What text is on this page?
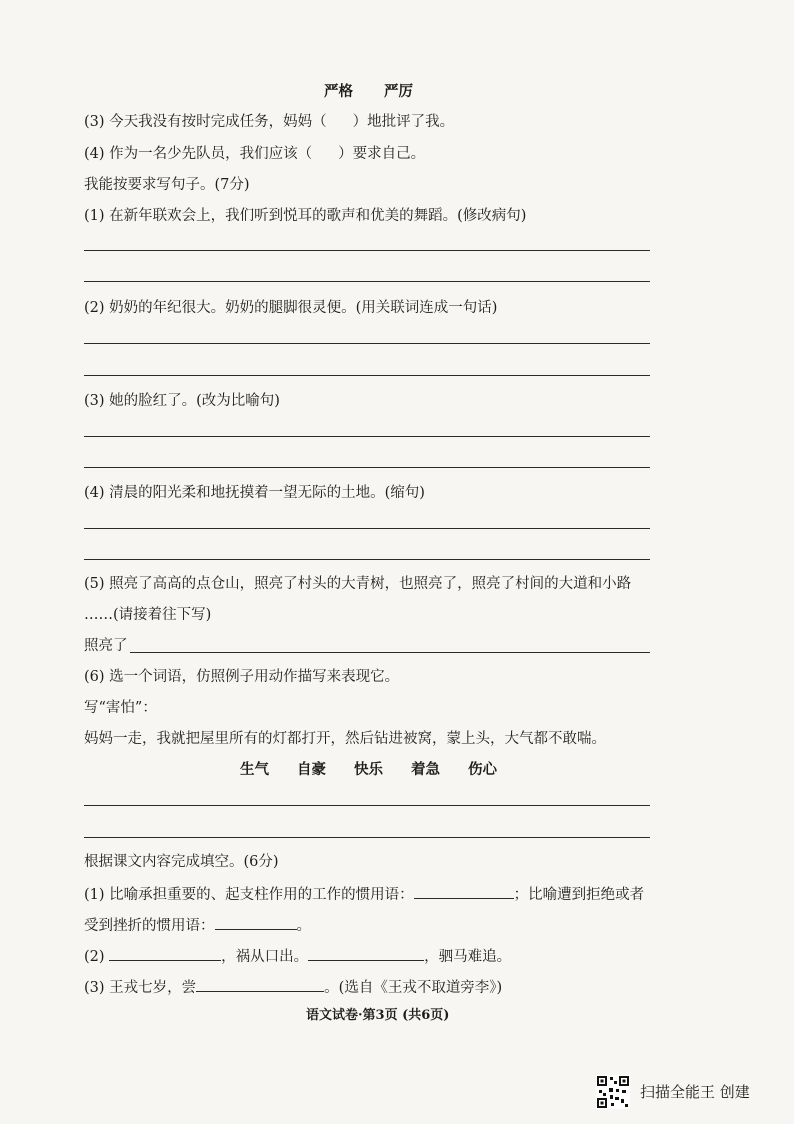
严格 严厉
(3) 今天我没有按时完成任务，妈妈（ ）地批评了我。
(4) 作为一名少先队员，我们应该（ ）要求自己。
我能按要求写句子。(7分)
(1) 在新年联欢会上，我们听到悦耳的歌声和优美的舞蹈。(修改病句)
(2) 奶奶的年纪很大。奶奶的腿脚很灵便。(用关联词连成一句话)
(3) 她的脸红了。(改为比喻句)
(4) 清晨的阳光柔和地抚摸着一望无际的土地。(缩句)
(5) 照亮了高高的点仓山，照亮了村头的大青树，也照亮了，照亮了村间的大道和小路
……(请接着往下写)
照亮了
(6) 选一个词语，仿照例子用动作描写来表现它。
写“害怕”：
妈妈一走，我就把屋里所有的灯都打开，然后钻进被窝，蒙上头，大气都不敢喘。
生气 自豪 快乐 着急 伤心
根据课文内容完成填空。(6分)
(1) 比喻承担重要的、起支柱作用的工作的惯用语：	；比喻遭到拒绝或者
受到挫折的惯用语：	。
(2)	，祸从口出。	，驷马难追。
(3) 王戎七岁，尝	。(选自《王戎不取道旁李》)
语文试卷·第3页 (共6页)
扫描全能王 创建
